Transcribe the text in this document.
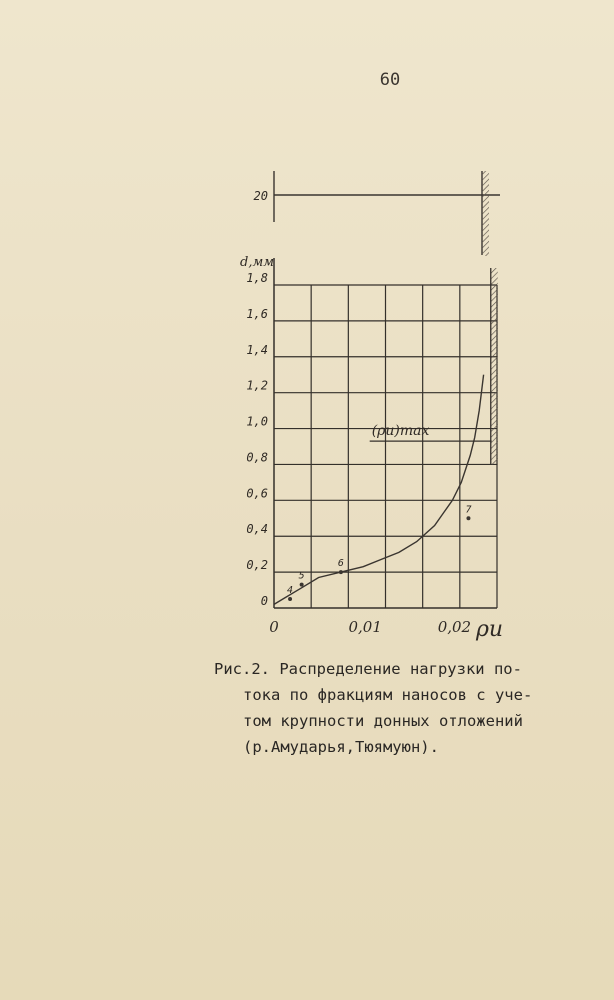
60
20
0
0,2
0,4
0,6
0,8
1,0
1,2
1,4
1,6
1,8
0	0,01	0,02
4
5
6
7
(ρu)max
d,мм
ρu
Рис.2. Распределение нагрузки по-
тока по фракциям наносов с уче-
том крупности донных отложений
(р.Амударья,Тюямуюн).
